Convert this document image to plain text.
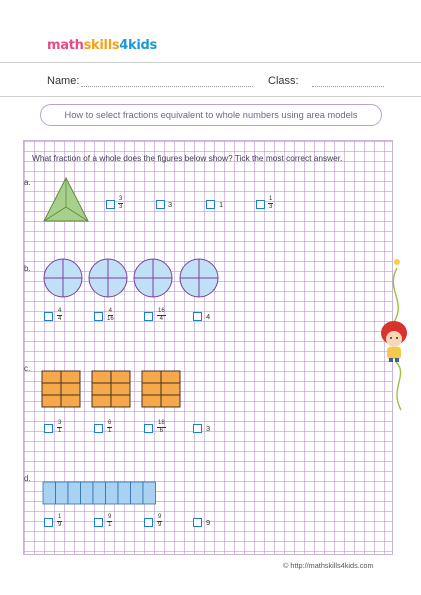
mathskills4kids
Name:	Class:
How to select fractions equivalent to whole numbers using area models
What fraction of a whole does the figures below show? Tick the most correct answer.
a.
b.
c.
d.
$\frac{3}{3}$	3	1	$\frac{1}{3}$
$\frac{4}{4}$	$\frac{4}{16}$	$\frac{16}{4}$	4
$\frac{3}{1}$	$\frac{6}{1}$	$\frac{18}{6}$	3
$\frac{1}{9}$	$\frac{9}{1}$	$\frac{9}{9}$	9
© http://mathskills4kids.com
